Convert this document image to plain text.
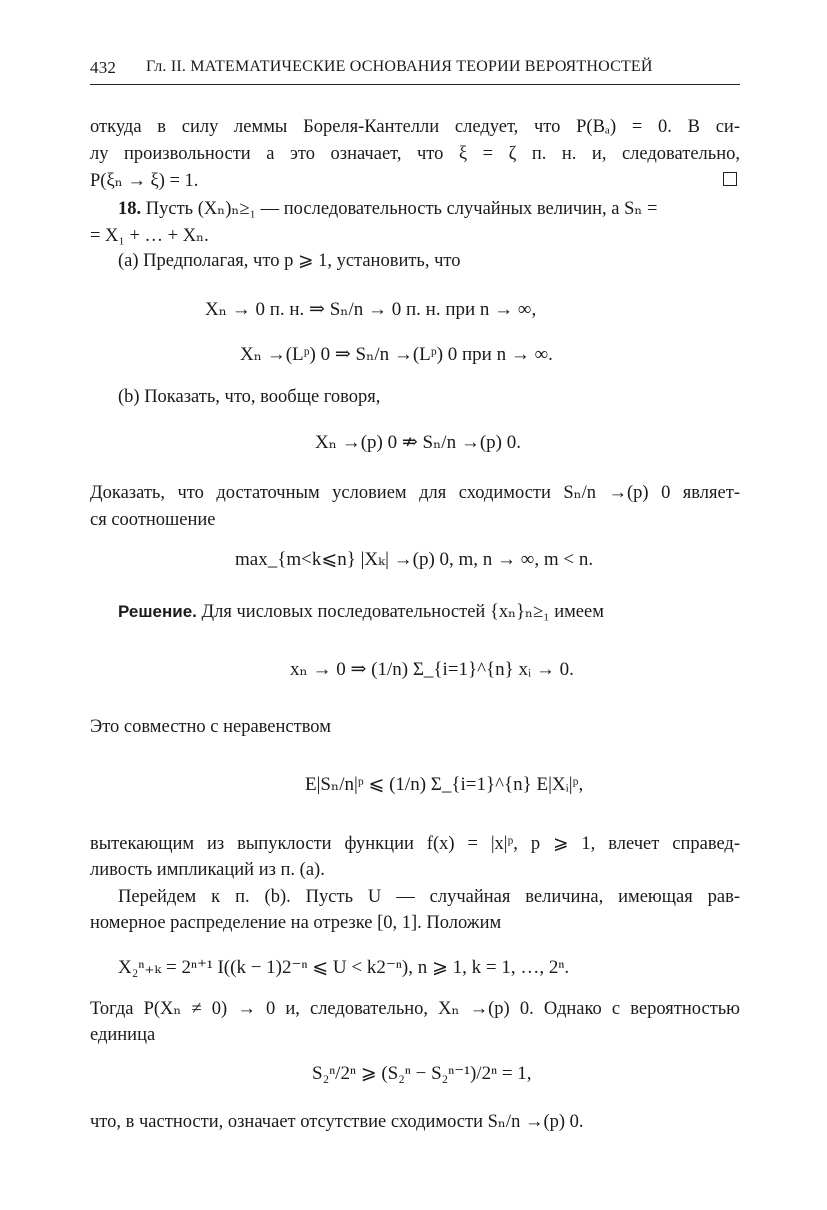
432 Гл. II. МАТЕМАТИЧЕСКИЕ ОСНОВАНИЯ ТЕОРИИ ВЕРОЯТНОСТЕЙ
откуда в силу леммы Бореля-Кантелли следует, что P(Bₐ) = 0. В си-
лу произвольности a это означает, что ξ = ζ п. н. и, следовательно,
P(ξₙ → ξ) = 1.
18. Пусть (Xₙ)ₙ≥₁ — последовательность случайных величин, а Sₙ =
= X₁ + … + Xₙ.
(a) Предполагая, что p ⩾ 1, установить, что
Xₙ → 0 п. н. ⇒ Sₙ/n → 0 п. н. при n → ∞,
Xₙ →(Lᵖ) 0 ⇒ Sₙ/n →(Lᵖ) 0 при n → ∞.
(b) Показать, что, вообще говоря,
Xₙ →(p) 0 ⇏ Sₙ/n →(p) 0.
Доказать, что достаточным условием для сходимости Sₙ/n →(p) 0 являет-
ся соотношение
max_{m<k⩽n} |Xₖ| →(p) 0, m, n → ∞, m < n.
Решение. Для числовых последовательностей {xₙ}ₙ≥₁ имеем
xₙ → 0 ⇒ (1/n) Σ_{i=1}^{n} xᵢ → 0.
Это совместно с неравенством
E|Sₙ/n|ᵖ ⩽ (1/n) Σ_{i=1}^{n} E|Xᵢ|ᵖ,
вытекающим из выпуклости функции f(x) = |x|ᵖ, p ⩾ 1, влечет справед-
ливость импликаций из п. (a).
Перейдем к п. (b). Пусть U — случайная величина, имеющая рав-
номерное распределение на отрезке [0, 1]. Положим
X₂ⁿ₊ₖ = 2ⁿ⁺¹ I((k − 1)2⁻ⁿ ⩽ U < k2⁻ⁿ), n ⩾ 1, k = 1, …, 2ⁿ.
Тогда P(Xₙ ≠ 0) → 0 и, следовательно, Xₙ →(p) 0. Однако с вероятностью
единица
S₂ⁿ/2ⁿ ⩾ (S₂ⁿ − S₂ⁿ⁻¹)/2ⁿ = 1,
что, в частности, означает отсутствие сходимости Sₙ/n →(p) 0.
